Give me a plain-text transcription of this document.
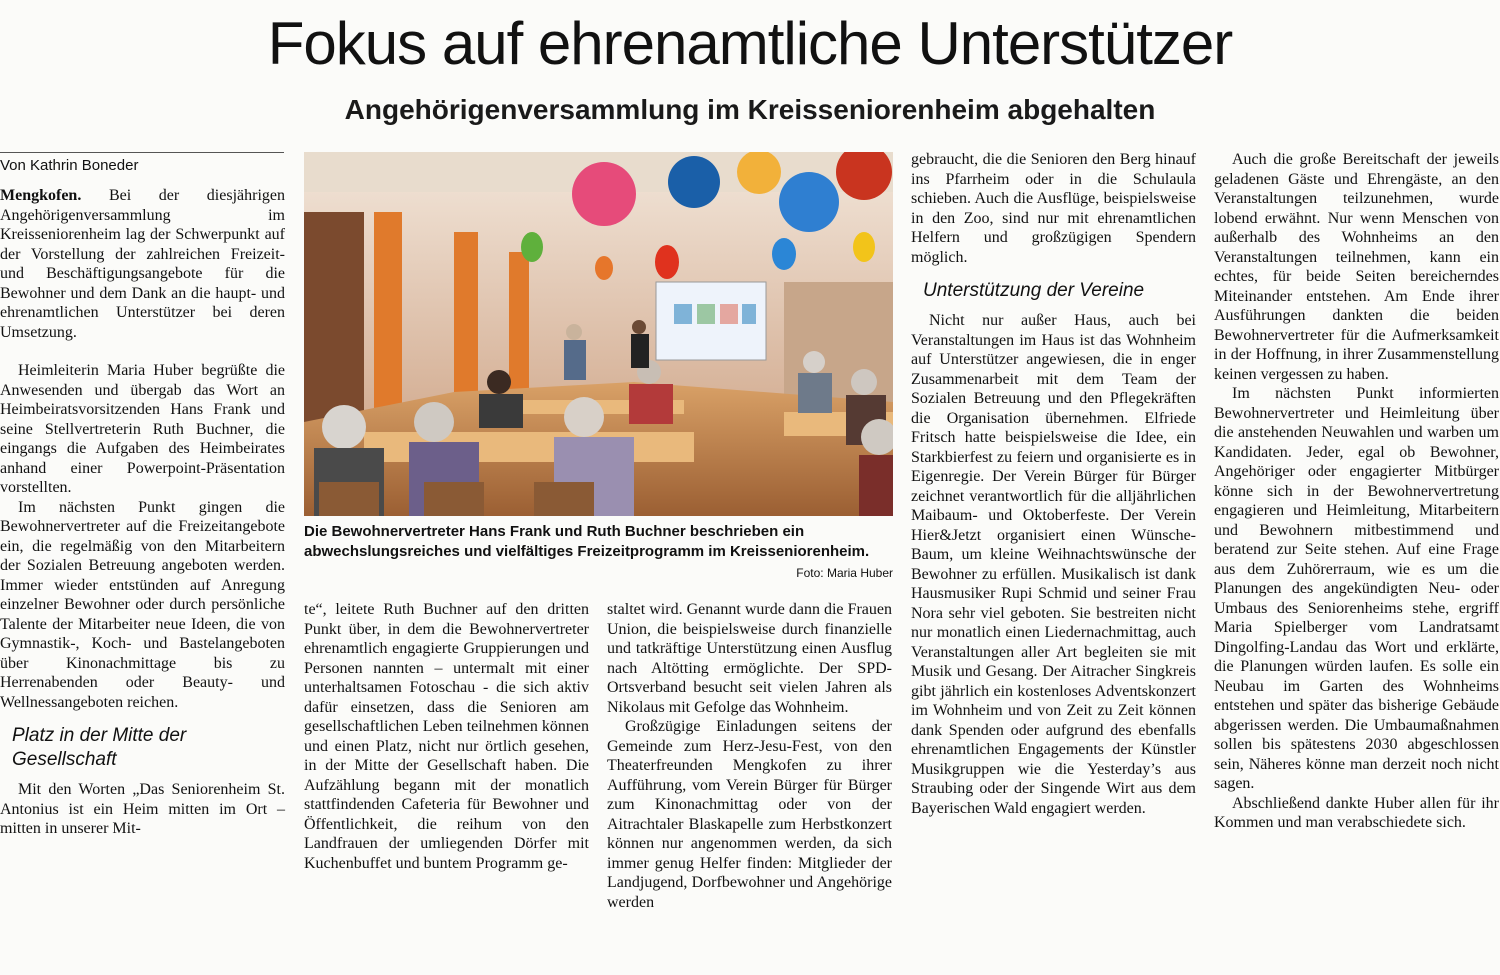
Fokus auf ehrenamtliche Unterstützer
Angehörigenversammlung im Kreisseniorenheim abgehalten
Von Kathrin Boneder

Mengkofen. Bei der diesjährigen Angehörigenversammlung im Kreisseniorenheim lag der Schwerpunkt auf der Vorstellung der zahlreichen Freizeit- und Beschäftigungsangebote für die Bewohner und dem Dank an die haupt- und ehrenamtlichen Unterstützer bei deren Umsetzung.

Heimleiterin Maria Huber begrüßte die Anwesenden und übergab das Wort an Heimbeiratsvorsitzenden Hans Frank und seine Stellvertreterin Ruth Buchner, die eingangs die Aufgaben des Heimbeirates anhand einer Powerpoint-Präsentation vorstellten.

Im nächsten Punkt gingen die Bewohnervertreter auf die Freizeitangebote ein, die regelmäßig von den Mitarbeitern der Sozialen Betreuung angeboten werden. Immer wieder entstünden auf Anregung einzelner Bewohner oder durch persönliche Talente der Mitarbeiter neue Ideen, die von Gymnastik-, Koch- und Bastelangeboten über Kinonachmittage bis zu Herrenabenden oder Beauty- und Wellnessangeboten reichen.

Platz in der Mitte der Gesellschaft

Mit den Worten „Das Seniorenheim St. Antonius ist ein Heim mitten im Ort – mitten in unserer Mit-

Die Bewohnervertreter Hans Frank und Ruth Buchner beschrieben ein abwechslungsreiches und vielfältiges Freizeitprogramm im Kreisseniorenheim.
Foto: Maria Huber

te“, leitete Ruth Buchner auf den dritten Punkt über, in dem die Bewohnervertreter ehrenamtlich engagierte Gruppierungen und Personen nannten – untermalt mit einer unterhaltsamen Fotoschau - die sich aktiv dafür einsetzen, dass die Senioren am gesellschaftlichen Leben teilnehmen können und einen Platz, nicht nur örtlich gesehen, in der Mitte der Gesellschaft haben. Die Aufzählung begann mit der monatlich stattfindenden Cafeteria für Bewohner und Öffentlichkeit, die reihum von den Landfrauen der umliegenden Dörfer mit Kuchenbuffet und buntem Programm ge-

staltet wird. Genannt wurde dann die Frauen Union, die beispielsweise durch finanzielle und tatkräftige Unterstützung einen Ausflug nach Altötting ermöglichte. Der SPD-Ortsverband besucht seit vielen Jahren als Nikolaus mit Gefolge das Wohnheim.

Großzügige Einladungen seitens der Gemeinde zum Herz-Jesu-Fest, von den Theaterfreunden Mengkofen zu ihrer Aufführung, vom Verein Bürger für Bürger zum Kinonachmittag oder von der Aitrachtaler Blaskapelle zum Herbstkonzert können nur angenommen werden, da sich immer genug Helfer finden: Mitglieder der Landjugend, Dorfbewohner und Angehörige werden

gebraucht, die die Senioren den Berg hinauf ins Pfarrheim oder in die Schulaula schieben. Auch die Ausflüge, beispielsweise in den Zoo, sind nur mit ehrenamtlichen Helfern und großzügigen Spendern möglich.

Unterstützung der Vereine

Nicht nur außer Haus, auch bei Veranstaltungen im Haus ist das Wohnheim auf Unterstützer angewiesen, die in enger Zusammenarbeit mit dem Team der Sozialen Betreuung und den Pflegekräften die Organisation übernehmen. Elfriede Fritsch hatte beispielsweise die Idee, ein Starkbierfest zu feiern und organisierte es in Eigenregie. Der Verein Bürger für Bürger zeichnet verantwortlich für die alljährlichen Maibaum- und Oktoberfeste. Der Verein Hier&Jetzt organisiert einen Wünsche-Baum, um kleine Weihnachtswünsche der Bewohner zu erfüllen. Musikalisch ist dank Hausmusiker Rupi Schmid und seiner Frau Nora sehr viel geboten. Sie bestreiten nicht nur monatlich einen Liedernachmittag, auch Veranstaltungen aller Art begleiten sie mit Musik und Gesang. Der Aitracher Singkreis gibt jährlich ein kostenloses Adventskonzert im Wohnheim und von Zeit zu Zeit können dank Spenden oder aufgrund des ebenfalls ehrenamtlichen Engagements der Künstler Musikgruppen wie die Yesterday’s aus Straubing oder der Singende Wirt aus dem Bayerischen Wald engagiert werden.

Auch die große Bereitschaft der jeweils geladenen Gäste und Ehrengäste, an den Veranstaltungen teilzunehmen, wurde lobend erwähnt. Nur wenn Menschen von außerhalb des Wohnheims an den Veranstaltungen teilnehmen, kann ein echtes, für beide Seiten bereicherndes Miteinander entstehen. Am Ende ihrer Ausführungen dankten die beiden Bewohnervertreter für die Aufmerksamkeit in der Hoffnung, in ihrer Zusammenstellung keinen vergessen zu haben.

Im nächsten Punkt informierten Bewohnervertreter und Heimleitung über die anstehenden Neuwahlen und warben um Kandidaten. Jeder, egal ob Bewohner, Angehöriger oder engagierter Mitbürger könne sich in der Bewohnervertretung engagieren und Heimleitung, Mitarbeitern und Bewohnern mitbestimmend und beratend zur Seite stehen. Auf eine Frage aus dem Zuhörerraum, wie es um die Planungen des angekündigten Neu- oder Umbaus des Seniorenheims stehe, ergriff Maria Spielberger vom Landratsamt Dingolfing-Landau das Wort und erklärte, die Planungen würden laufen. Es solle ein Neubau im Garten des Wohnheims entstehen und später das bisherige Gebäude abgerissen werden. Die Umbaumaßnahmen sollen bis spätestens 2030 abgeschlossen sein, Näheres könne man derzeit noch nicht sagen.

Abschließend dankte Huber allen für ihr Kommen und man verabschiedete sich.
